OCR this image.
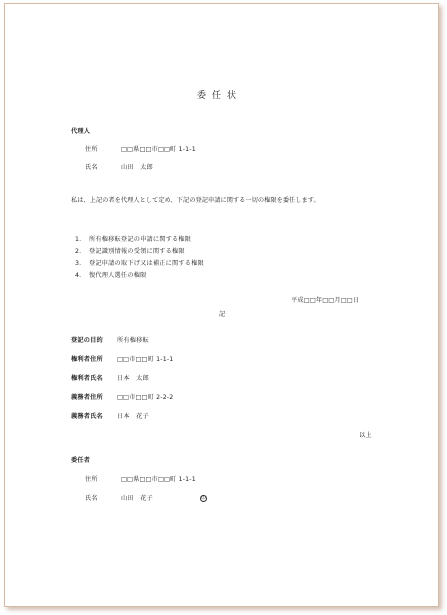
委任状
代理人
住所	□□県□□市□□町 1-1-1
氏名	山田　太郎
私は、上記の者を代理人として定め、下記の登記申請に関する一切の権限を委任します。
1. 所有権移転登記の申請に関する権限
2. 登記識別情報の受領に関する権限
3. 登記申請の取下げ又は補正に関する権限
4. 復代理人選任の権限
平成□□年□□月□□日
記
登記の目的 所有権移転
権利者住所 □□市□□町 1-1-1
権利者氏名 日本　太郎
義務者住所 □□市□□町 2-2-2
義務者氏名 日本　花子
以上
委任者
住所	□□県□□市□□町 1-1-1
氏名	山田　花子	印
